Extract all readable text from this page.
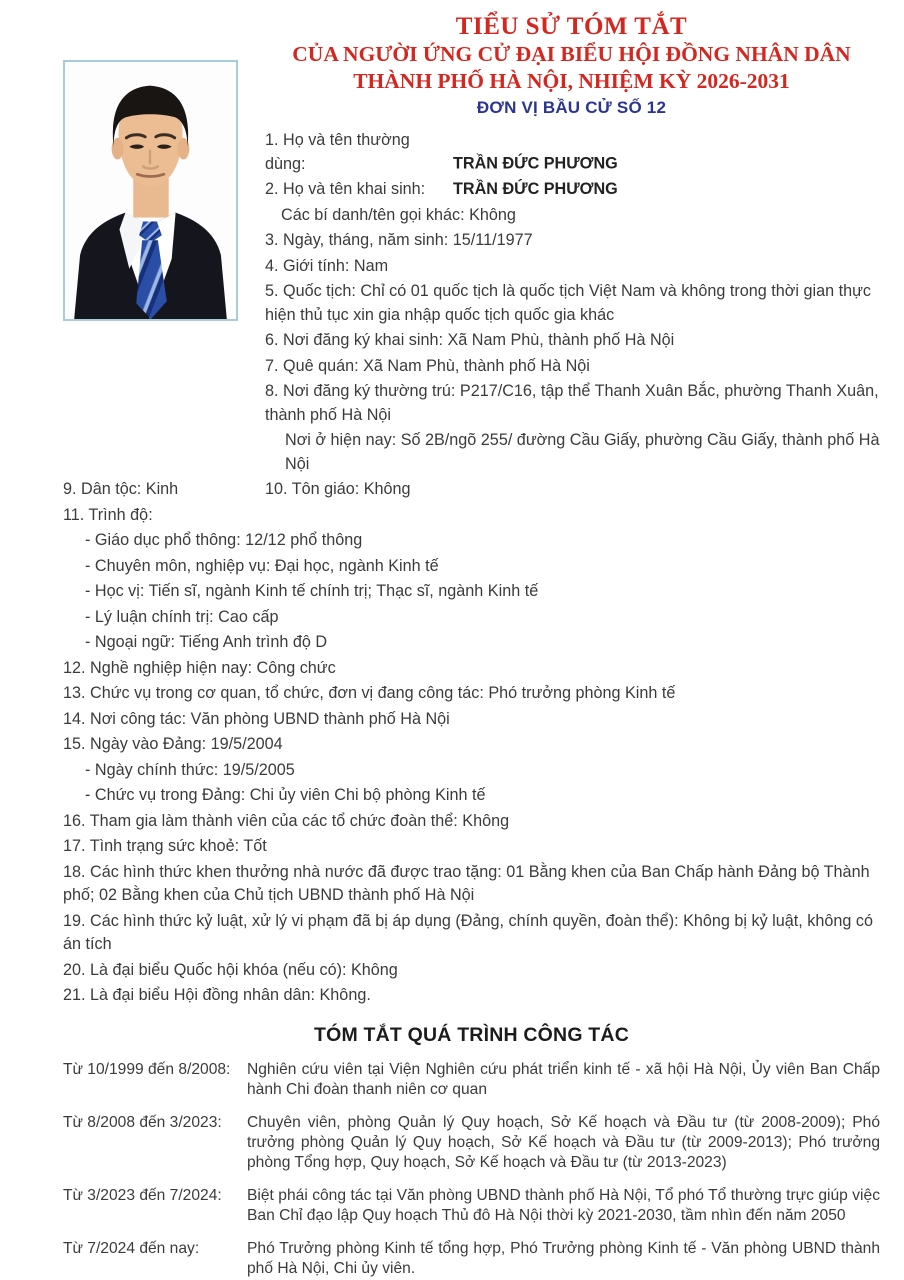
TIỂU SỬ TÓM TẮT
CỦA NGƯỜI ỨNG CỬ ĐẠI BIỂU HỘI ĐỒNG NHÂN DÂN
THÀNH PHỐ HÀ NỘI, NHIỆM KỲ 2026-2031
ĐƠN VỊ BẦU CỬ SỐ 12

1. Họ và tên thường dùng:	TRẦN ĐỨC PHƯƠNG

2. Họ và tên khai sinh: TRẦN ĐỨC PHƯƠNG

Các bí danh/tên gọi khác: Không

3. Ngày, tháng, năm sinh: 15/11/1977

4. Giới tính: Nam

5. Quốc tịch: Chỉ có 01 quốc tịch là quốc tịch Việt Nam và không trong thời gian thực hiện thủ tục xin gia nhập quốc tịch quốc gia khác

6. Nơi đăng ký khai sinh: Xã Nam Phù, thành phố Hà Nội

7. Quê quán: Xã Nam Phù, thành phố Hà Nội

8. Nơi đăng ký thường trú: P217/C16, tập thể Thanh Xuân Bắc, phường Thanh Xuân, thành phố Hà Nội

Nơi ở hiện nay: Số 2B/ngõ 255/ đường Cầu Giấy, phường Cầu Giấy, thành phố Hà Nội

9. Dân tộc: Kinh	10. Tôn giáo: Không

11. Trình độ:

- Giáo dục phổ thông: 12/12 phổ thông

- Chuyên môn, nghiệp vụ: Đại học, ngành Kinh tế

- Học vị: Tiến sĩ, ngành Kinh tế chính trị; Thạc sĩ, ngành Kinh tế

- Lý luận chính trị: Cao cấp

- Ngoại ngữ: Tiếng Anh trình độ D

12. Nghề nghiệp hiện nay: Công chức

13. Chức vụ trong cơ quan, tổ chức, đơn vị đang công tác: Phó trưởng phòng Kinh tế

14. Nơi công tác: Văn phòng UBND thành phố Hà Nội

15. Ngày vào Đảng: 19/5/2004

- Ngày chính thức: 19/5/2005

- Chức vụ trong Đảng: Chi ủy viên Chi bộ phòng Kinh tế

16. Tham gia làm thành viên của các tổ chức đoàn thể: Không

17. Tình trạng sức khoẻ: Tốt

18. Các hình thức khen thưởng nhà nước đã được trao tặng: 01 Bằng khen của Ban Chấp hành Đảng bộ Thành phố; 02 Bằng khen của Chủ tịch UBND thành phố Hà Nội

19. Các hình thức kỷ luật, xử lý vi phạm đã bị áp dụng (Đảng, chính quyền, đoàn thể): Không bị kỷ luật, không có án tích

20. Là đại biểu Quốc hội khóa (nếu có): Không

21. Là đại biểu Hội đồng nhân dân: Không.

TÓM TẮT QUÁ TRÌNH CÔNG TÁC
Từ 10/1999 đến 8/2008:	Nghiên cứu viên tại Viện Nghiên cứu phát triển kinh tế - xã hội Hà Nội, Ủy viên Ban Chấp hành Chi đoàn thanh niên cơ quan
Từ 8/2008 đến 3/2023:	Chuyên viên, phòng Quản lý Quy hoạch, Sở Kế hoạch và Đầu tư (từ 2008-2009); Phó trưởng phòng Quản lý Quy hoạch, Sở Kế hoạch và Đầu tư (từ 2009-2013); Phó trưởng phòng Tổng hợp, Quy hoạch, Sở Kế hoạch và Đầu tư (từ 2013-2023)
Từ 3/2023 đến 7/2024:	Biệt phái công tác tại Văn phòng UBND thành phố Hà Nội, Tổ phó Tổ thường trực giúp việc Ban Chỉ đạo lập Quy hoạch Thủ đô Hà Nội thời kỳ 2021-2030, tầm nhìn đến năm 2050
Từ 7/2024 đến nay:	Phó Trưởng phòng Kinh tế tổng hợp, Phó Trưởng phòng Kinh tế - Văn phòng UBND thành phố Hà Nội, Chi ủy viên.
